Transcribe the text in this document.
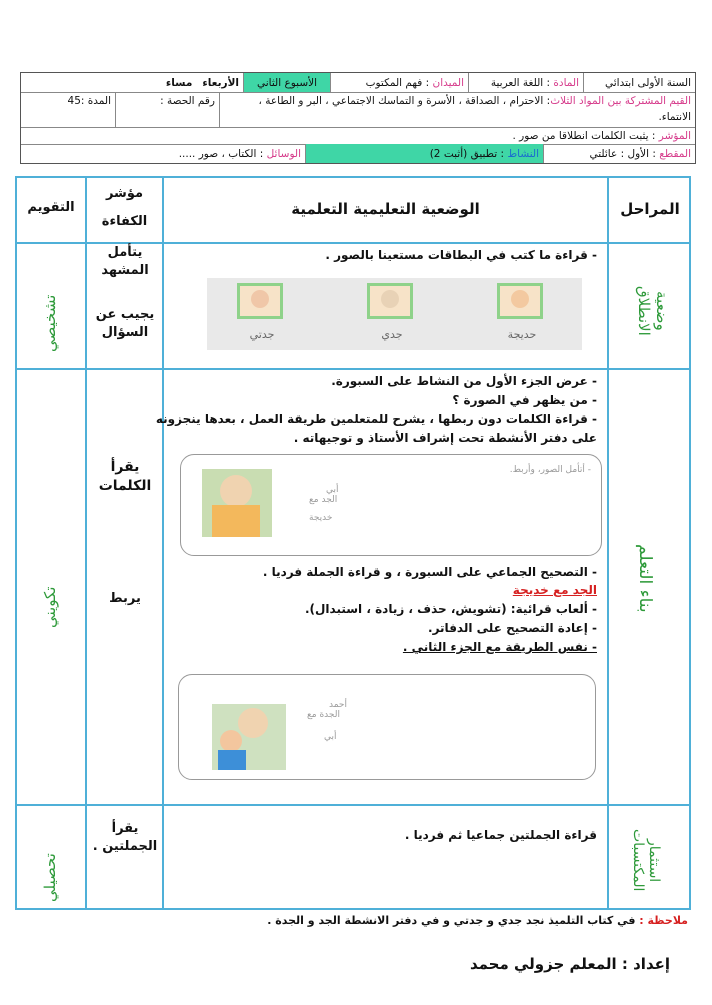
السنة الأولى ابتدائي
المادة

: اللغة العربية
الميدان

: فهم المكتوب
الأسبوع الثاني
الأربعاء

مساء
القيم المشتركة بين المواد الثلاث: الاحترام ، الصداقة ، الأسرة و التماسك الاجتماعي ، البر و الطاعة ، الانتماء.
رقم الحصة :
المدة :45
المؤشر

: يثبت الكلمات انطلاقا من صور .
المقطع

: الأول : عائلتي
النشاط

: تطبيق (أثبت 2)
الوسائل

: الكتاب ، صور .....
المراحل
الوضعية التعليمية التعلمية
مؤشر
الكفاءة
التقويم
وضعية الانطلاق
- قراءة ما كتب في البطاقات مستعينا بالصور .
حديجة
جدي
جدتي
يتأمل المشهد
يجيب عن السؤال
تشخيصي
بناء التعلم
- عرض الجزء الأول من النشاط على السبورة.
- من يظهر في الصورة ؟
- قراءة الكلمات دون ربطها ، يشرح للمتعلمين طريقة العمل ، بعدها ينجزونه
على دفتر الأنشطة تحت إشراف الأستاذ و توجيهاته .
- أتأمل الصور، وأربط.
أبي
الجد مع
خديجة
- التصحيح الجماعي على السبورة ، و قراءة الجملة فرديا .
الجد مع خديجة
- ألعاب قرائية: (تشويش، حذف ، زيادة ، استبدال).
- إعادة التصحيح على الدفاتر.
- نفس الطريقة مع الجزء الثاني .
أحمد
الجدة مع
أبي
يقرأ الكلمات
يربط
تكويني
استثمار المكتسبات
قراءة الجملتين جماعيا ثم فرديا .
يقرأ الجملتين .
تحصيلي
ملاحظة : في كتاب التلميذ نجد جدي و جدتي و في دفتر الانشطة الجد و الجدة .
إعداد : المعلم جزولي محمد
